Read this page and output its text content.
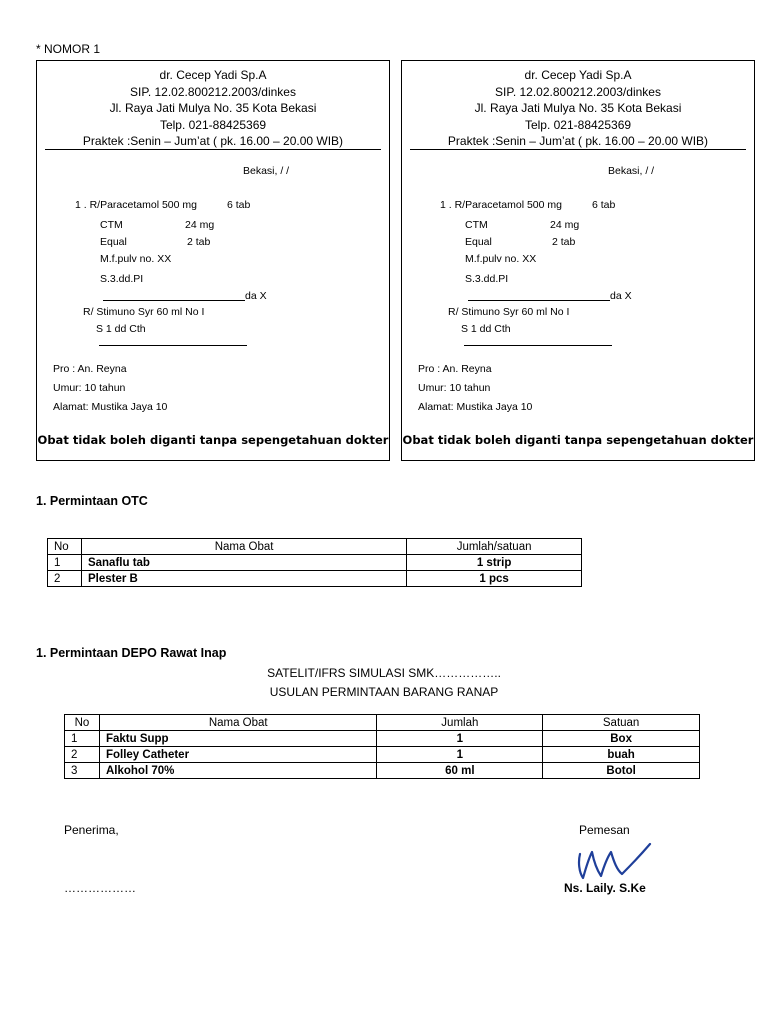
* NOMOR 1
dr. Cecep Yadi Sp.A
SIP. 12.02.800212.2003/dinkes
Jl. Raya Jati Mulya No. 35 Kota Bekasi
Telp. 021-88425369
Praktek :Senin – Jum’at ( pk. 16.00 – 20.00 WIB)
Bekasi, / /
1 . R/Paracetamol 500 mg	6 tab
CTM	24 mg
Equal	2 tab
M.f.pulv no. XX
S.3.dd.PI
da X
R/ Stimuno Syr 60 ml No I
S 1 dd Cth
Pro : An. Reyna
Umur: 10 tahun
Alamat: Mustika Jaya 10
Obat tidak boleh diganti tanpa sepengetahuan dokter
dr. Cecep Yadi Sp.A
SIP. 12.02.800212.2003/dinkes
Jl. Raya Jati Mulya No. 35 Kota Bekasi
Telp. 021-88425369
Praktek :Senin – Jum’at ( pk. 16.00 – 20.00 WIB)
Bekasi, / /
1 . R/Paracetamol 500 mg	6 tab
CTM	24 mg
Equal	2 tab
M.f.pulv no. XX
S.3.dd.PI
da X
R/ Stimuno Syr 60 ml No I
S 1 dd Cth
Pro : An. Reyna
Umur: 10 tahun
Alamat: Mustika Jaya 10
Obat tidak boleh diganti tanpa sepengetahuan dokter
1. Permintaan OTC
No	Nama Obat	Jumlah/satuan
1	Sanaflu tab	1 strip
2	Plester B	1 pcs
1. Permintaan DEPO Rawat Inap
SATELIT/IFRS SIMULASI SMK……………..
USULAN PERMINTAAN BARANG RANAP
No	Nama Obat	Jumlah	Satuan
1	Faktu Supp	1	Box
2	Folley Catheter	1	buah
3	Alkohol 70%	60 ml	Botol
Penerima,
………………
Pemesan
Ns. Laily. S.Ke
